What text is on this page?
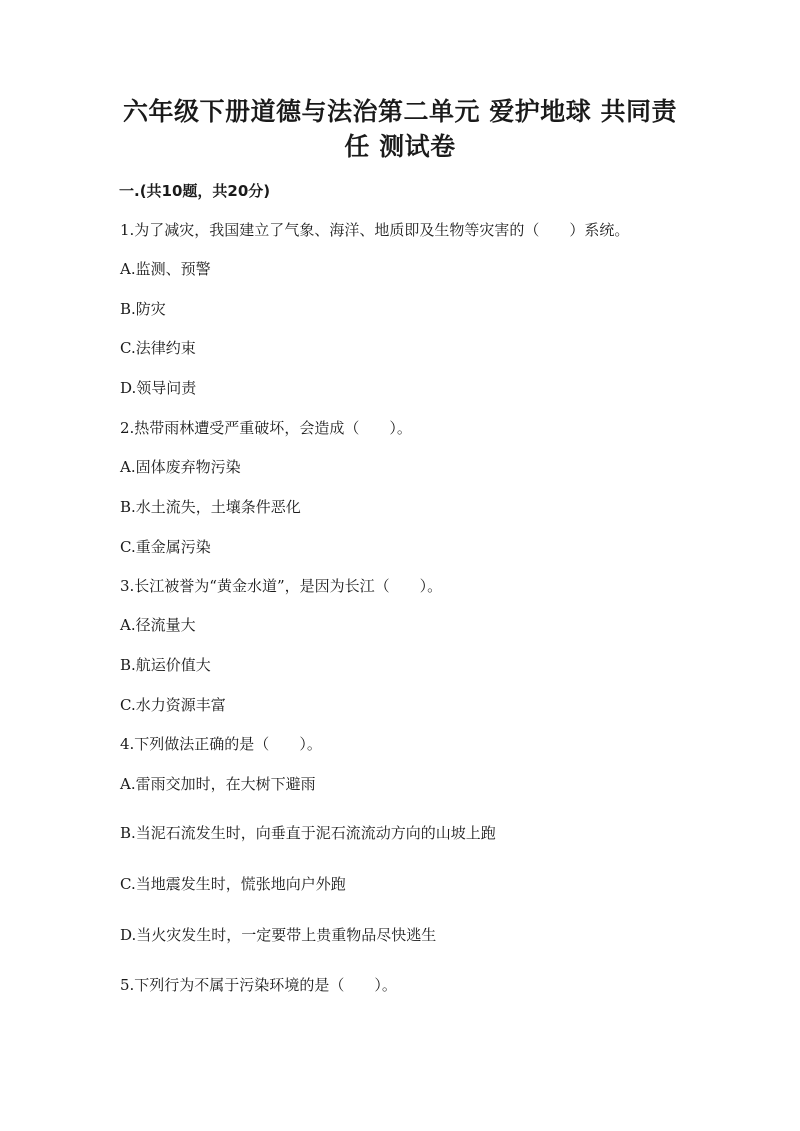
六年级下册道德与法治第二单元 爱护地球 共同责
任 测试卷
一.(共10题，共20分)
1.为了减灾，我国建立了气象、海洋、地质即及生物等灾害的（　　）系统。
A.监测、预警
B.防灾
C.法律约束
D.领导问责
2.热带雨林遭受严重破坏，会造成（　　）。
A.固体废弃物污染
B.水土流失，土壤条件恶化
C.重金属污染
3.长江被誉为“黄金水道”，是因为长江（　　）。
A.径流量大
B.航运价值大
C.水力资源丰富
4.下列做法正确的是（　　）。
A.雷雨交加时，在大树下避雨
B.当泥石流发生时，向垂直于泥石流流动方向的山坡上跑
C.当地震发生时，慌张地向户外跑
D.当火灾发生时，一定要带上贵重物品尽快逃生
5.下列行为不属于污染环境的是（　　）。
